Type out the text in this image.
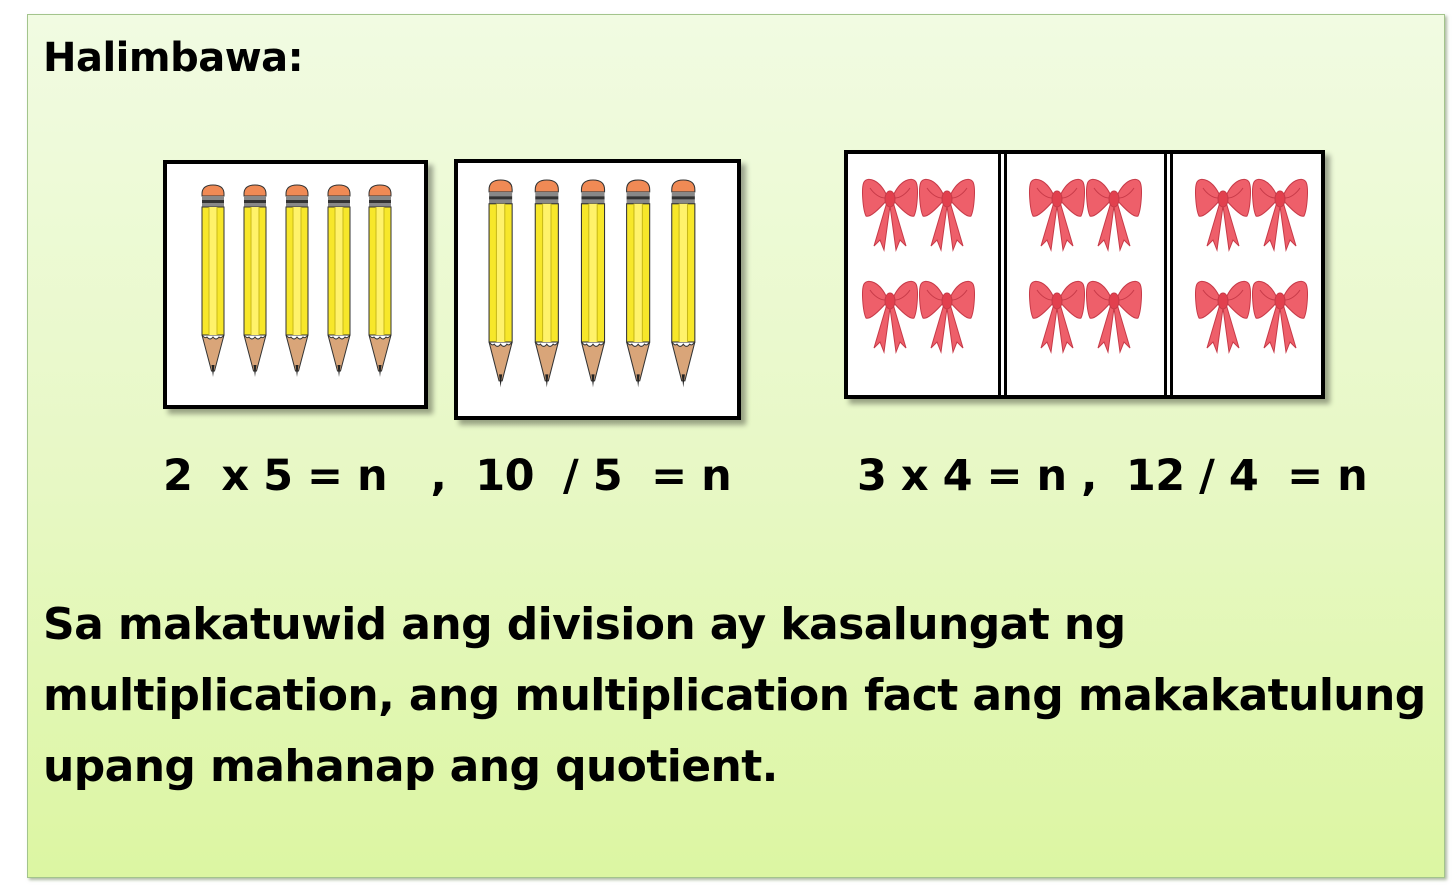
Halimbawa:

2  x 5 = n   ,  10  / 5  = n	3 x 4 = n ,  12 / 4  = n

Sa makatuwid ang division ay kasalungat ng
multiplication, ang multiplication fact ang makakatulung
upang mahanap ang quotient.
